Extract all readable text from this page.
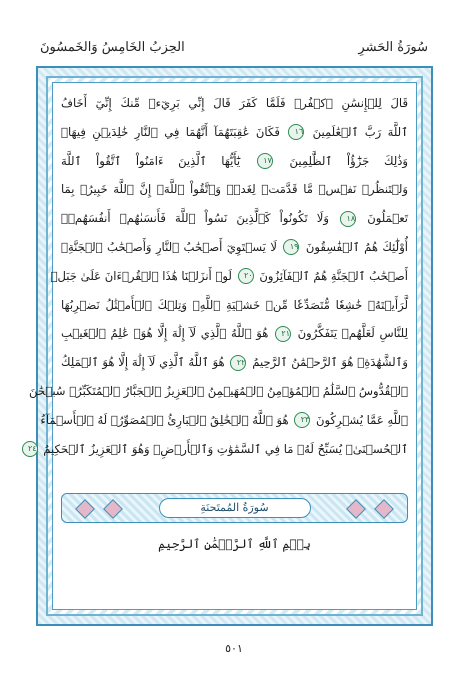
الحِزبُ الخَامِسُ وَالخَمسُونَ	سُورَةُ الحَشرِ
قَالَ لِلۡإِنسَٰنِ ٱكۡفُرۡ فَلَمَّا كَفَرَ قَالَ إِنِّي بَرِيٓءٞ مِّنكَ إِنِّيٓ أَخَافُ
ٱللَّهَ رَبَّ ٱلۡعَٰلَمِينَ ١٦ فَكَانَ عَٰقِبَتَهُمَآ أَنَّهُمَا فِي ٱلنَّارِ خَٰلِدَيۡنِ فِيهَاۚ
وَذَٰلِكَ جَزَٰٓؤُاْ ٱلظَّٰلِمِينَ ١٧ يَٰٓأَيُّهَا ٱلَّذِينَ ءَامَنُواْ ٱتَّقُواْ ٱللَّهَ
وَلۡتَنظُرۡ نَفۡسٞ مَّا قَدَّمَتۡ لِغَدٖۖ وَٱتَّقُواْ ٱللَّهَۚ إِنَّ ٱللَّهَ خَبِيرُۢ بِمَا
تَعۡمَلُونَ ١٨ وَلَا تَكُونُواْ كَٱلَّذِينَ نَسُواْ ٱللَّهَ فَأَنسَىٰهُمۡ أَنفُسَهُمۡۚ
أُوْلَٰٓئِكَ هُمُ ٱلۡفَٰسِقُونَ ١٩ لَا يَسۡتَوِيٓ أَصۡحَٰبُ ٱلنَّارِ وَأَصۡحَٰبُ ٱلۡجَنَّةِۚ
أَصۡحَٰبُ ٱلۡجَنَّةِ هُمُ ٱلۡفَآئِزُونَ ٢٠ لَوۡ أَنزَلۡنَا هَٰذَا ٱلۡقُرۡءَانَ عَلَىٰ جَبَلٖ
لَّرَأَيۡتَهُۥ خَٰشِعٗا مُّتَصَدِّعٗا مِّنۡ خَشۡيَةِ ٱللَّهِۚ وَتِلۡكَ ٱلۡأَمۡثَٰلُ نَضۡرِبُهَا
لِلنَّاسِ لَعَلَّهُمۡ يَتَفَكَّرُونَ ٢١ هُوَ ٱللَّهُ ٱلَّذِي لَآ إِلَٰهَ إِلَّا هُوَۖ عَٰلِمُ ٱلۡغَيۡبِ
وَٱلشَّهَٰدَةِۖ هُوَ ٱلرَّحۡمَٰنُ ٱلرَّحِيمُ ٢٢ هُوَ ٱللَّهُ ٱلَّذِي لَآ إِلَٰهَ إِلَّا هُوَ ٱلۡمَلِكُ
ٱلۡقُدُّوسُ ٱلسَّلَٰمُ ٱلۡمُؤۡمِنُ ٱلۡمُهَيۡمِنُ ٱلۡعَزِيزُ ٱلۡجَبَّارُ ٱلۡمُتَكَبِّرُۚ سُبۡحَٰنَ
ٱللَّهِ عَمَّا يُشۡرِكُونَ ٢٣ هُوَ ٱللَّهُ ٱلۡخَٰلِقُ ٱلۡبَارِئُ ٱلۡمُصَوِّرُۖ لَهُ ٱلۡأَسۡمَآءُ
ٱلۡحُسۡنَىٰۚ يُسَبِّحُ لَهُۥ مَا فِي ٱلسَّمَٰوَٰتِ وَٱلۡأَرۡضِۖ وَهُوَ ٱلۡعَزِيزُ ٱلۡحَكِيمُ ٢٤
سُورَةُ المُمتَحنَةِ
بِسۡمِ ٱللَّهِ ٱلرَّحۡمَٰنِ ٱلرَّحِيمِ
٥٠١
